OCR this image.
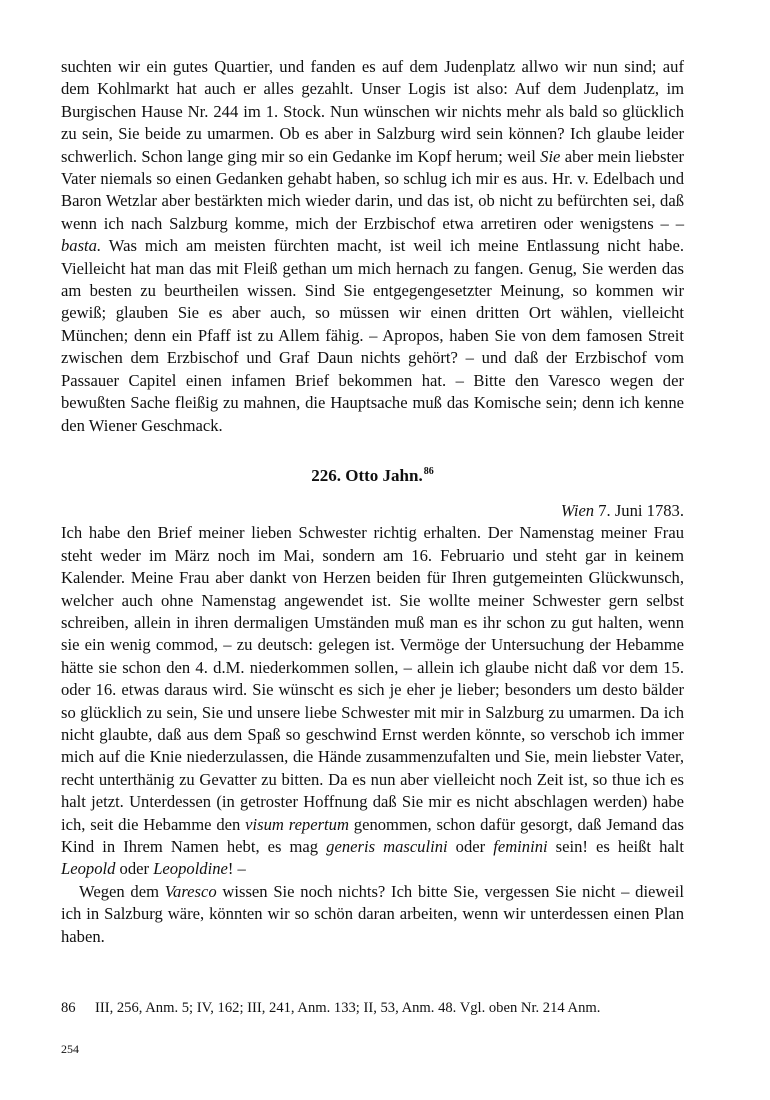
suchten wir ein gutes Quartier, und fanden es auf dem Judenplatz allwo wir nun sind; auf dem Kohlmarkt hat auch er alles gezahlt. Unser Logis ist also: Auf dem Judenplatz, im Burgischen Hause Nr. 244 im 1. Stock. Nun wünschen wir nichts mehr als bald so glücklich zu sein, Sie beide zu umarmen. Ob es aber in Salzburg wird sein können? Ich glaube leider schwerlich. Schon lange ging mir so ein Gedanke im Kopf herum; weil Sie aber mein liebster Vater niemals so einen Gedanken gehabt haben, so schlug ich mir es aus. Hr. v. Edelbach und Baron Wetzlar aber bestärkten mich wieder darin, und das ist, ob nicht zu befürchten sei, daß wenn ich nach Salzburg komme, mich der Erzbischof etwa arretiren oder wenigstens – – basta. Was mich am meisten fürchten macht, ist weil ich meine Entlassung nicht habe. Vielleicht hat man das mit Fleiß gethan um mich hernach zu fangen. Genug, Sie werden das am besten zu beurtheilen wissen. Sind Sie entgegengesetzter Meinung, so kommen wir gewiß; glauben Sie es aber auch, so müssen wir einen dritten Ort wählen, vielleicht München; denn ein Pfaff ist zu Allem fähig. – Apropos, haben Sie von dem famosen Streit zwischen dem Erzbischof und Graf Daun nichts gehört? – und daß der Erzbischof vom Passauer Capitel einen infamen Brief bekommen hat. – Bitte den Varesco wegen der bewußten Sache fleißig zu mahnen, die Hauptsache muß das Komische sein; denn ich kenne den Wiener Geschmack.

226. Otto Jahn.$^{86}$

Wien 7. Juni 1783.

Ich habe den Brief meiner lieben Schwester richtig erhalten. Der Namenstag meiner Frau steht weder im März noch im Mai, sondern am 16. Februario und steht gar in keinem Kalender. Meine Frau aber dankt von Herzen beiden für Ihren gutgemeinten Glückwunsch, welcher auch ohne Namenstag angewendet ist. Sie wollte meiner Schwester gern selbst schreiben, allein in ihren dermaligen Umständen muß man es ihr schon zu gut halten, wenn sie ein wenig commod, – zu deutsch: gelegen ist. Vermöge der Untersuchung der Hebamme hätte sie schon den 4. d.M. niederkommen sollen, – allein ich glaube nicht daß vor dem 15. oder 16. etwas daraus wird. Sie wünscht es sich je eher je lieber; besonders um desto bälder so glücklich zu sein, Sie und unsere liebe Schwester mit mir in Salzburg zu umarmen. Da ich nicht glaubte, daß aus dem Spaß so geschwind Ernst werden könnte, so verschob ich immer mich auf die Knie niederzulassen, die Hände zusammenzufalten und Sie, mein liebster Vater, recht unterthänig zu Gevatter zu bitten. Da es nun aber vielleicht noch Zeit ist, so thue ich es halt jetzt. Unterdessen (in getroster Hoffnung daß Sie mir es nicht abschlagen werden) habe ich, seit die Hebamme den visum repertum genommen, schon dafür gesorgt, daß Jemand das Kind in Ihrem Namen hebt, es mag generis masculini oder feminini sein! es heißt halt Leopold oder Leopoldine! –

Wegen dem Varesco wissen Sie noch nichts? Ich bitte Sie, vergessen Sie nicht – dieweil ich in Salzburg wäre, könnten wir so schön daran arbeiten, wenn wir unterdessen einen Plan haben.

86 III, 256, Anm. 5; IV, 162; III, 241, Anm. 133; II, 53, Anm. 48. Vgl. oben Nr. 214 Anm.
254
